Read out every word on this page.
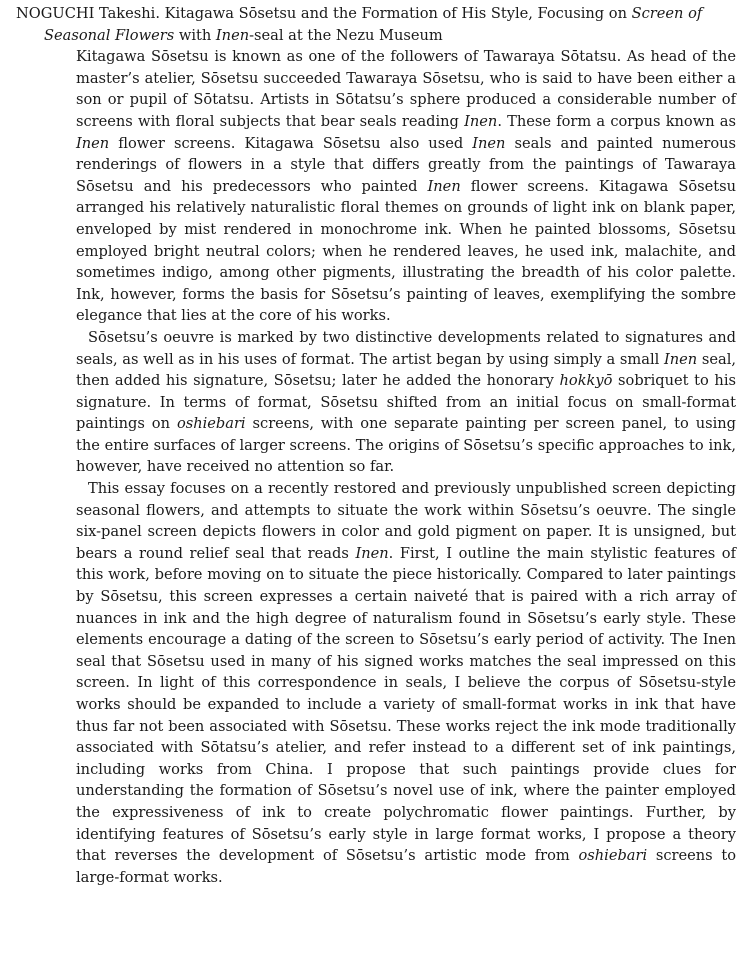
NOGUCHI Takeshi. Kitagawa Sōsetsu and the Formation of His Style, Focusing on Screen of Seasonal Flowers with Inen-seal at the Nezu Museum

Kitagawa Sōsetsu is known as one of the followers of Tawaraya Sōtatsu. As head of the master’s atelier, Sōsetsu succeeded Tawaraya Sōsetsu, who is said to have been either a son or pupil of Sōtatsu. Artists in Sōtatsu’s sphere produced a considerable number of screens with floral subjects that bear seals reading Inen. These form a corpus known as Inen flower screens. Kitagawa Sōsetsu also used Inen seals and painted numerous renderings of flowers in a style that differs greatly from the paintings of Tawaraya Sōsetsu and his predecessors who painted Inen flower screens. Kitagawa Sōsetsu arranged his relatively naturalistic floral themes on grounds of light ink on blank paper, enveloped by mist rendered in monochrome ink. When he painted blossoms, Sōsetsu employed bright neutral colors; when he rendered leaves, he used ink, malachite, and sometimes indigo, among other pigments, illustrating the breadth of his color palette. Ink, however, forms the basis for Sōsetsu’s painting of leaves, exemplifying the sombre elegance that lies at the core of his works.

Sōsetsu’s oeuvre is marked by two distinctive developments related to signatures and seals, as well as in his uses of format. The artist began by using simply a small Inen seal, then added his signature, Sōsetsu; later he added the honorary hokkyō sobriquet to his signature. In terms of format, Sōsetsu shifted from an initial focus on small-format paintings on oshiebari screens, with one separate painting per screen panel, to using the entire surfaces of larger screens. The origins of Sōsetsu’s specific approaches to ink, however, have received no attention so far.

This essay focuses on a recently restored and previously unpublished screen depicting seasonal flowers, and attempts to situate the work within Sōsetsu’s oeuvre. The single six-panel screen depicts flowers in color and gold pigment on paper. It is unsigned, but bears a round relief seal that reads Inen. First, I outline the main stylistic features of this work, before moving on to situate the piece historically. Compared to later paintings by Sōsetsu, this screen expresses a certain naiveté that is paired with a rich array of nuances in ink and the high degree of naturalism found in Sōsetsu’s early style. These elements encourage a dating of the screen to Sōsetsu’s early period of activity. The Inen seal that Sōsetsu used in many of his signed works matches the seal impressed on this screen. In light of this correspondence in seals, I believe the corpus of Sōsetsu-style works should be expanded to include a variety of small-format works in ink that have thus far not been associated with Sōsetsu. These works reject the ink mode traditionally associated with Sōtatsu’s atelier, and refer instead to a different set of ink paintings, including works from China. I propose that such paintings provide clues for understanding the formation of Sōsetsu’s novel use of ink, where the painter employed the expressiveness of ink to create polychromatic flower paintings. Further, by identifying features of Sōsetsu’s early style in large format works, I propose a theory that reverses the development of Sōsetsu’s artistic mode from oshiebari screens to large-format works.
